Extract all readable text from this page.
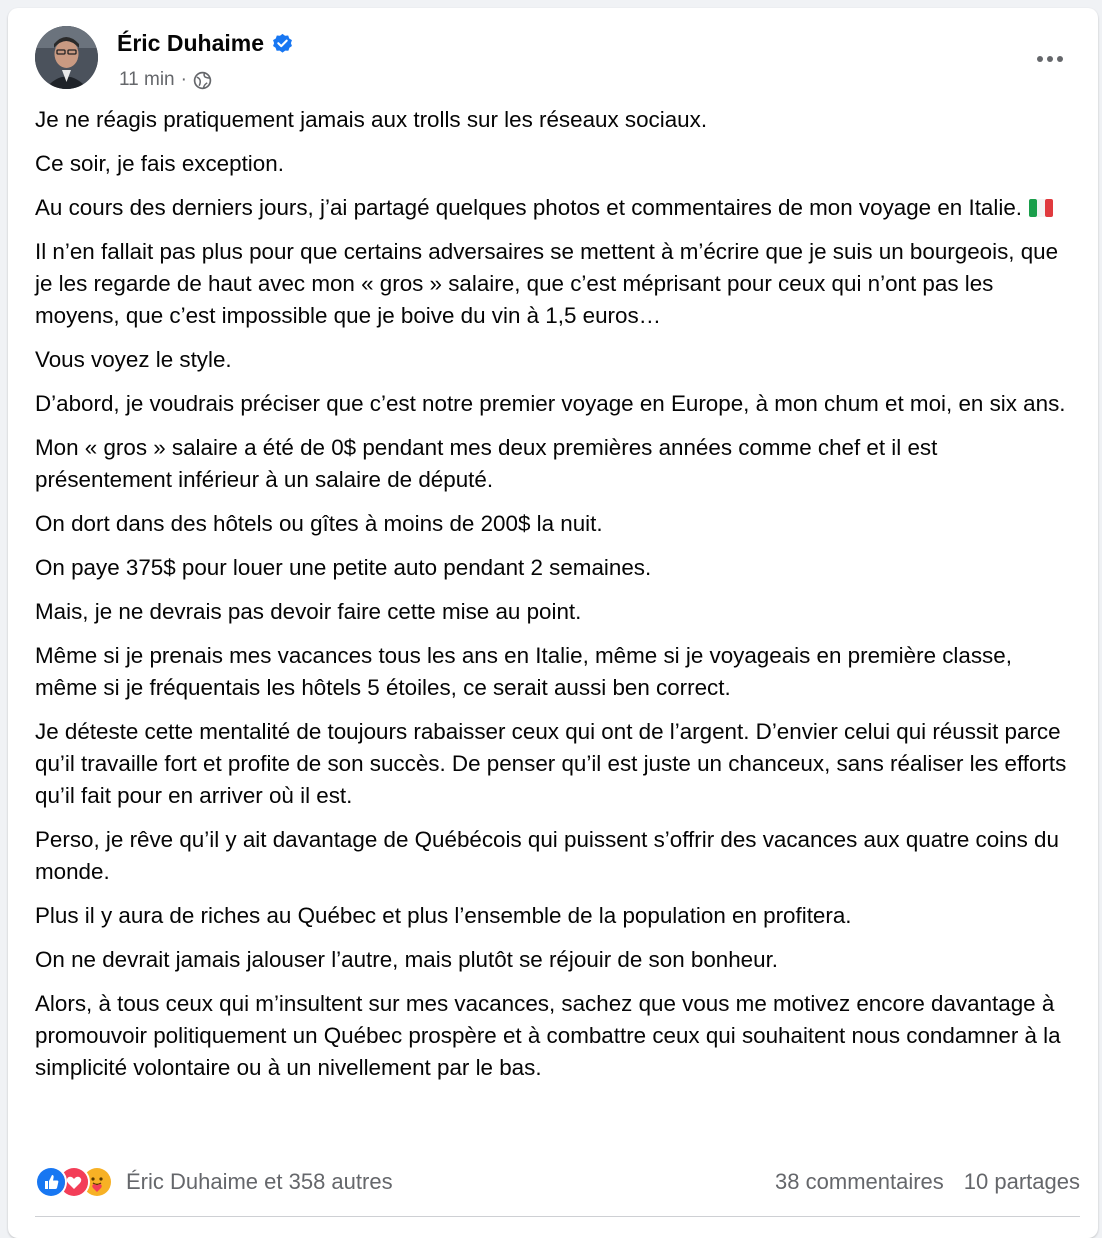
Éric Duhaime
11 min ·

Je ne réagis pratiquement jamais aux trolls sur les réseaux sociaux.

Ce soir, je fais exception.

Au cours des derniers jours, j’ai partagé quelques photos et commentaires de mon voyage en Italie.

Il n’en fallait pas plus pour que certains adversaires se mettent à m’écrire que je suis un bourgeois, que je les regarde de haut avec mon « gros » salaire, que c’est méprisant pour ceux qui n’ont pas les moyens, que c’est impossible que je boive du vin à 1,5 euros…

Vous voyez le style.

D’abord, je voudrais préciser que c’est notre premier voyage en Europe, à mon chum et moi, en six ans.

Mon « gros » salaire a été de 0$ pendant mes deux premières années comme chef et il est présentement inférieur à un salaire de député.

On dort dans des hôtels ou gîtes à moins de 200$ la nuit.

On paye 375$ pour louer une petite auto pendant 2 semaines.

Mais, je ne devrais pas devoir faire cette mise au point.

Même si je prenais mes vacances tous les ans en Italie, même si je voyageais en première classe, même si je fréquentais les hôtels 5 étoiles, ce serait aussi ben correct.

Je déteste cette mentalité de toujours rabaisser ceux qui ont de l’argent. D’envier celui qui réussit parce qu’il travaille fort et profite de son succès. De penser qu’il est juste un chanceux, sans réaliser les efforts qu’il fait pour en arriver où il est.

Perso, je rêve qu’il y ait davantage de Québécois qui puissent s’offrir des vacances aux quatre coins du monde.

Plus il y aura de riches au Québec et plus l’ensemble de la population en profitera.

On ne devrait jamais jalouser l’autre, mais plutôt se réjouir de son bonheur.

Alors, à tous ceux qui m’insultent sur mes vacances, sachez que vous me motivez encore davantage à promouvoir politiquement un Québec prospère et à combattre ceux qui souhaitent nous condamner à la simplicité volontaire ou à un nivellement par le bas.

Éric Duhaime et 358 autres	38 commentaires 10 partages
